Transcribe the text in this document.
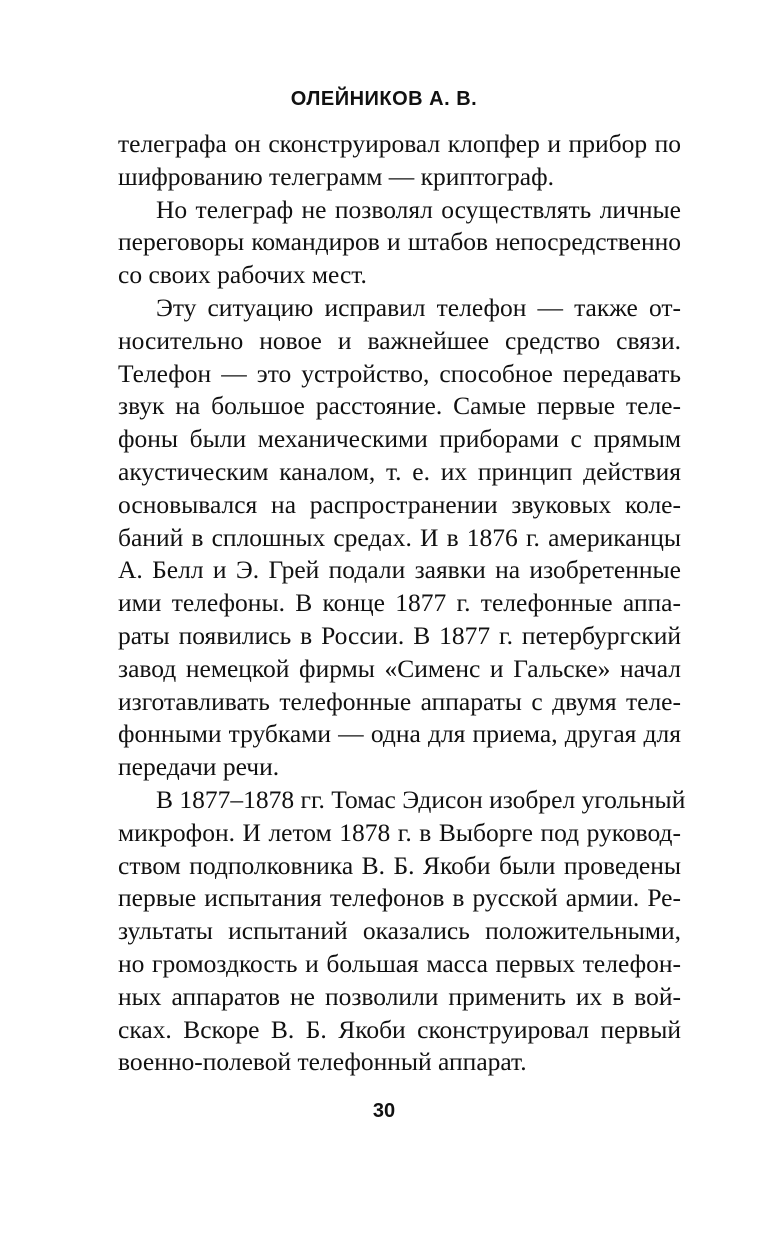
ОЛЕЙНИКОВ А. В.

телеграфа он сконструировал клопфер и прибор по
шифрованию телеграмм — криптограф.

Но телеграф не позволял осуществлять личные
переговоры командиров и штабов непосредственно
со своих рабочих мест.

Эту ситуацию исправил телефон — также от-
носительно новое и важнейшее средство связи.
Телефон — это устройство, способное передавать
звук на большое расстояние. Самые первые теле-
фоны были механическими приборами с прямым
акустическим каналом, т. е. их принцип действия
основывался на распространении звуковых коле-
баний в сплошных средах. И в 1876 г. американцы
А. Белл и Э. Грей подали заявки на изобретенные
ими телефоны. В конце 1877 г. телефонные аппа-
раты появились в России. В 1877 г. петербургский
завод немецкой фирмы «Сименс и Гальске» начал
изготавливать телефонные аппараты с двумя теле-
фонными трубками — одна для приема, другая для
передачи речи.

В 1877–1878 гг. Томас Эдисон изобрел угольный
микрофон. И летом 1878 г. в Выборге под руковод-
ством подполковника В. Б. Якоби были проведены
первые испытания телефонов в русской армии. Ре-
зультаты испытаний оказались положительными,
но громоздкость и большая масса первых телефон-
ных аппаратов не позволили применить их в вой-
сках. Вскоре В. Б. Якоби сконструировал первый
военно-полевой телефонный аппарат.

30
